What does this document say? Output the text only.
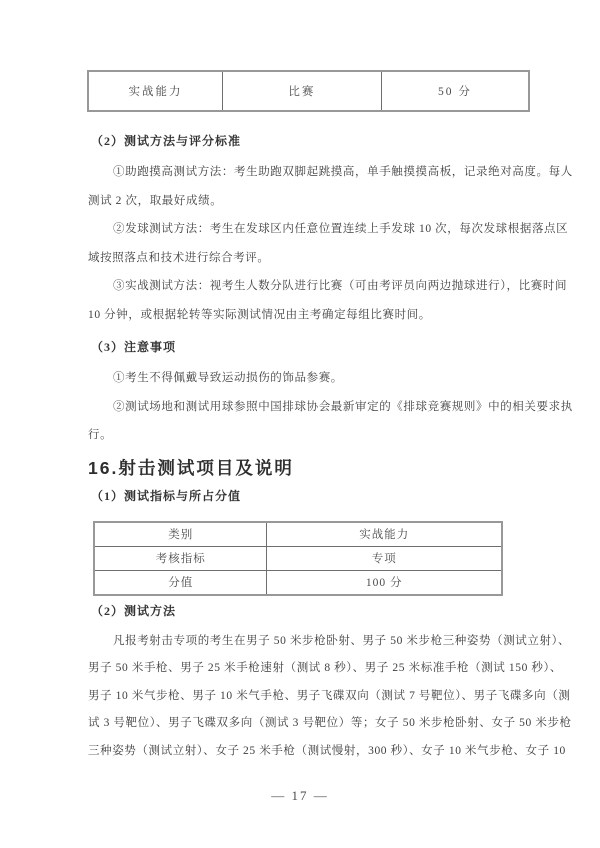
实战能力	比赛	50 分
（2）测试方法与评分标准
①助跑摸高测试方法：考生助跑双脚起跳摸高，单手触摸摸高板，记录绝对高度。每人
测试 2 次，取最好成绩。
②发球测试方法：考生在发球区内任意位置连续上手发球 10 次，每次发球根据落点区
域按照落点和技术进行综合考评。
③实战测试方法：视考生人数分队进行比赛（可由考评员向两边抛球进行），比赛时间
10 分钟，或根据轮转等实际测试情况由主考确定每组比赛时间。
（3）注意事项
①考生不得佩戴导致运动损伤的饰品参赛。
②测试场地和测试用球参照中国排球协会最新审定的《排球竞赛规则》中的相关要求执
行。
16.射击测试项目及说明
（1）测试指标与所占分值
类别	实战能力
考核指标	专项
分值	100 分
（2）测试方法
凡报考射击专项的考生在男子 50 米步枪卧射、男子 50 米步枪三种姿势（测试立射）、
男子 50 米手枪、男子 25 米手枪速射（测试 8 秒）、男子 25 米标准手枪（测试 150 秒）、
男子 10 米气步枪、男子 10 米气手枪、男子飞碟双向（测试 7 号靶位）、男子飞碟多向（测
试 3 号靶位）、男子飞碟双多向（测试 3 号靶位）等；女子 50 米步枪卧射、女子 50 米步枪
三种姿势（测试立射）、女子 25 米手枪（测试慢射，300 秒）、女子 10 米气步枪、女子 10
— 17 —
